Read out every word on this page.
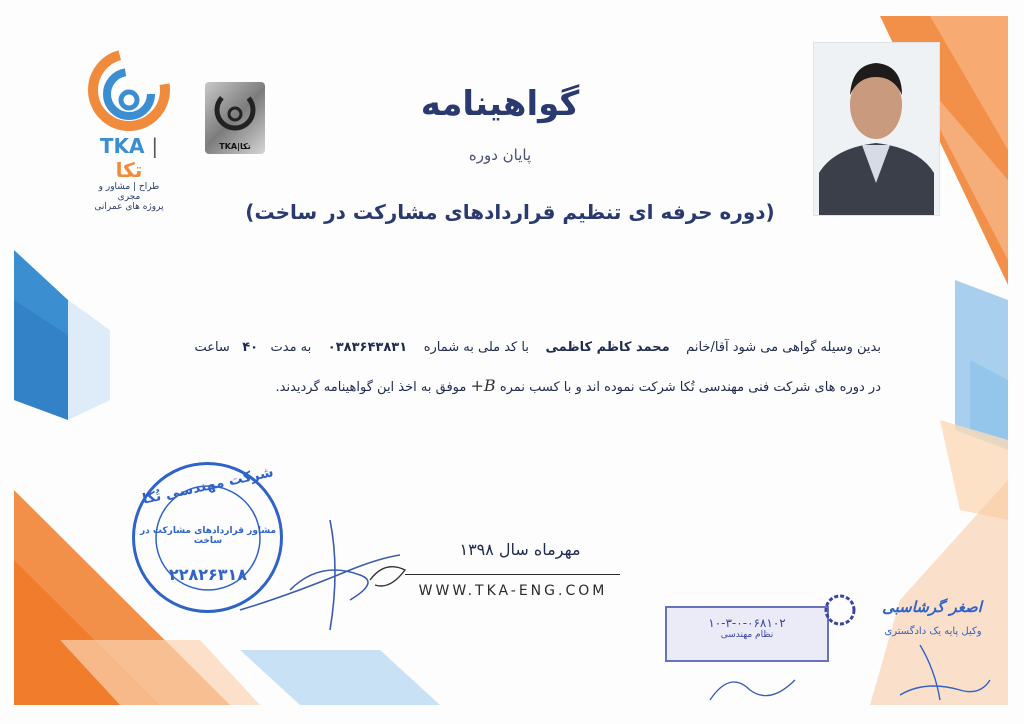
TKA | تکا
طراح | مشاور و مجری
پروژه های عمرانی
TKA|تکا
گواهینامه
پایان دوره
(دوره حرفه ای تنظیم قراردادهای مشارکت در ساخت)
بدین وسیله گواهی می شود آقا/خانم    محمد کاظم کاظمی    با کد ملی به شماره    ۰۳۸۳۶۴۳۸۳۱    به مدت   ۴۰   ساعت
در دوره های شرکت فنی مهندسی تُکا شرکت نموده اند و با کسب نمره B+ موفق به اخذ این گواهینامه گردیدند.
مهرماه سال ۱۳۹۸
WWW.TKA-ENG.COM
شرکت مهندسی تُکا
مشاور قراردادهای مشارکت در ساخت
۲۲۸۲۶۳۱۸
۱۰-۳-۰-۰۶۸۱۰۲
نظام مهندسی
اصغر گرشاسبی
وکیل پایه یک دادگستری
